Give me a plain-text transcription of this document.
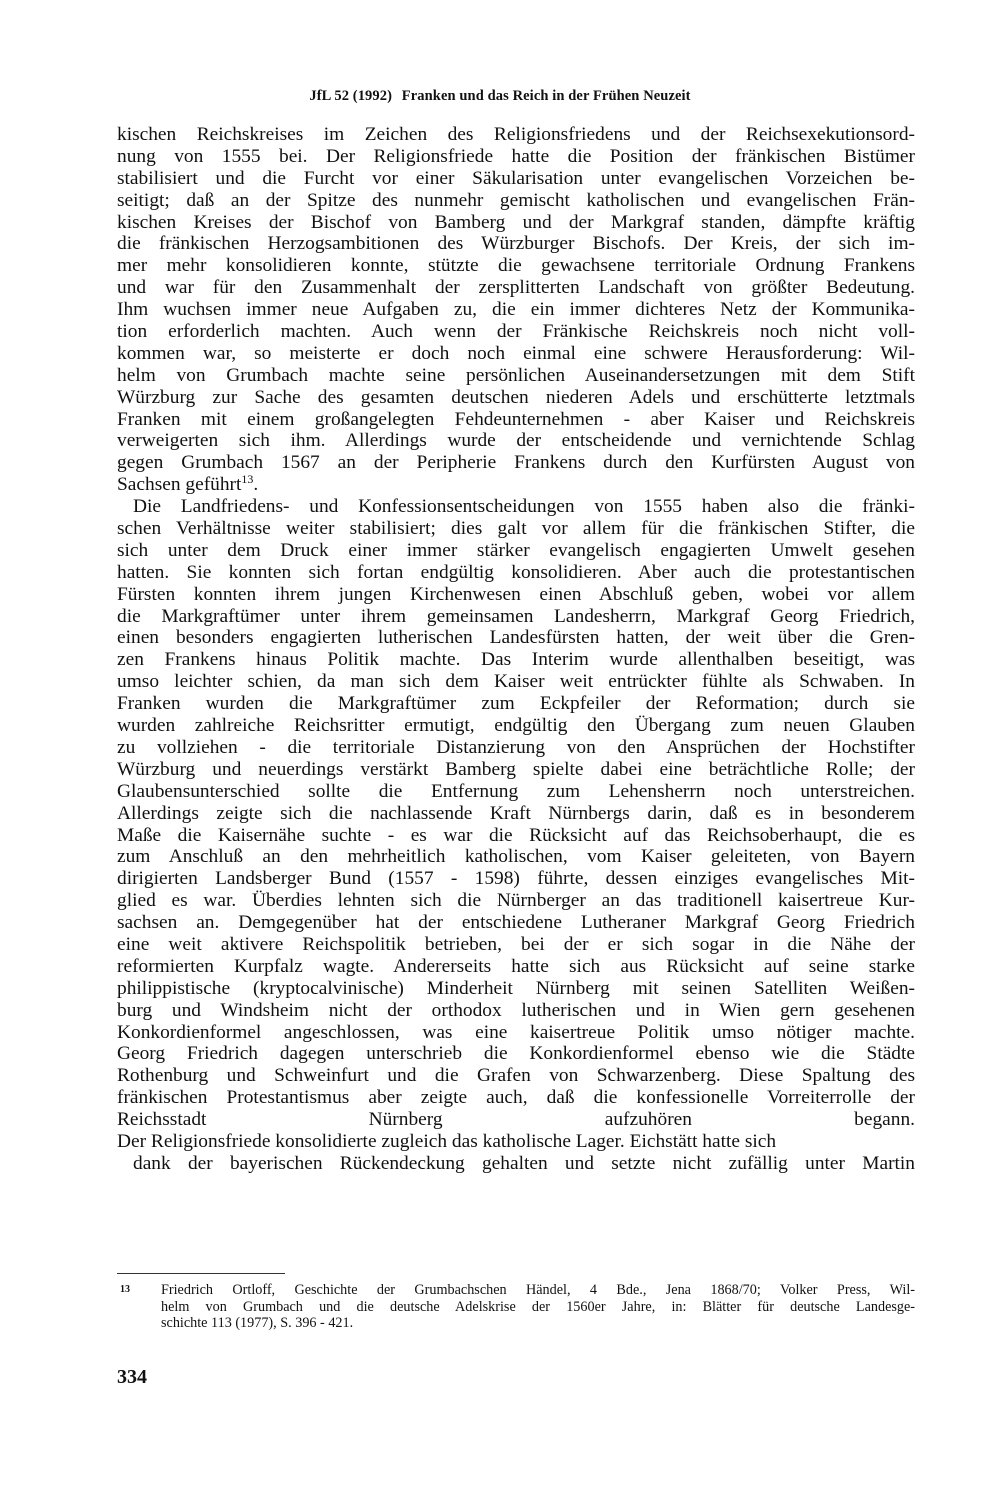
JfL 52 (1992) Franken und das Reich in der Frühen Neuzeit
kischen Reichskreises im Zeichen des Religionsfriedens und der Reichsexekutionsord-
nung von 1555 bei. Der Religionsfriede hatte die Position der fränkischen Bistümer
stabilisiert und die Furcht vor einer Säkularisation unter evangelischen Vorzeichen be-
seitigt; daß an der Spitze des nunmehr gemischt katholischen und evangelischen Frän-
kischen Kreises der Bischof von Bamberg und der Markgraf standen, dämpfte kräftig
die fränkischen Herzogsambitionen des Würzburger Bischofs. Der Kreis, der sich im-
mer mehr konsolidieren konnte, stützte die gewachsene territoriale Ordnung Frankens
und war für den Zusammenhalt der zersplitterten Landschaft von größter Bedeutung.
Ihm wuchsen immer neue Aufgaben zu, die ein immer dichteres Netz der Kommunika-
tion erforderlich machten. Auch wenn der Fränkische Reichskreis noch nicht voll-
kommen war, so meisterte er doch noch einmal eine schwere Herausforderung: Wil-
helm von Grumbach machte seine persönlichen Auseinandersetzungen mit dem Stift
Würzburg zur Sache des gesamten deutschen niederen Adels und erschütterte letztmals
Franken mit einem großangelegten Fehdeunternehmen - aber Kaiser und Reichskreis
verweigerten sich ihm. Allerdings wurde der entscheidende und vernichtende Schlag
gegen Grumbach 1567 an der Peripherie Frankens durch den Kurfürsten August von
Sachsen geführt$^{13}$.
Die Landfriedens- und Konfessionsentscheidungen von 1555 haben also die fränki-
schen Verhältnisse weiter stabilisiert; dies galt vor allem für die fränkischen Stifter, die
sich unter dem Druck einer immer stärker evangelisch engagierten Umwelt gesehen
hatten. Sie konnten sich fortan endgültig konsolidieren. Aber auch die protestantischen
Fürsten konnten ihrem jungen Kirchenwesen einen Abschluß geben, wobei vor allem
die Markgraftümer unter ihrem gemeinsamen Landesherrn, Markgraf Georg Friedrich,
einen besonders engagierten lutherischen Landesfürsten hatten, der weit über die Gren-
zen Frankens hinaus Politik machte. Das Interim wurde allenthalben beseitigt, was
umso leichter schien, da man sich dem Kaiser weit entrückter fühlte als Schwaben. In
Franken wurden die Markgraftümer zum Eckpfeiler der Reformation; durch sie
wurden zahlreiche Reichsritter ermutigt, endgültig den Übergang zum neuen Glauben
zu vollziehen - die territoriale Distanzierung von den Ansprüchen der Hochstifter
Würzburg und neuerdings verstärkt Bamberg spielte dabei eine beträchtliche Rolle; der
Glaubensunterschied sollte die Entfernung zum Lehensherrn noch unterstreichen.
Allerdings zeigte sich die nachlassende Kraft Nürnbergs darin, daß es in besonderem
Maße die Kaisernähe suchte - es war die Rücksicht auf das Reichsoberhaupt, die es
zum Anschluß an den mehrheitlich katholischen, vom Kaiser geleiteten, von Bayern
dirigierten Landsberger Bund (1557 - 1598) führte, dessen einziges evangelisches Mit-
glied es war. Überdies lehnten sich die Nürnberger an das traditionell kaisertreue Kur-
sachsen an. Demgegenüber hat der entschiedene Lutheraner Markgraf Georg Friedrich
eine weit aktivere Reichspolitik betrieben, bei der er sich sogar in die Nähe der
reformierten Kurpfalz wagte. Andererseits hatte sich aus Rücksicht auf seine starke
philippistische (kryptocalvinische) Minderheit Nürnberg mit seinen Satelliten Weißen-
burg und Windsheim nicht der orthodox lutherischen und in Wien gern gesehenen
Konkordienformel angeschlossen, was eine kaisertreue Politik umso nötiger machte.
Georg Friedrich dagegen unterschrieb die Konkordienformel ebenso wie die Städte
Rothenburg und Schweinfurt und die Grafen von Schwarzenberg. Diese Spaltung des
fränkischen Protestantismus aber zeigte auch, daß die konfessionelle Vorreiterrolle der
Reichsstadt Nürnberg aufzuhören begann.
Der Religionsfriede konsolidierte zugleich das katholische Lager. Eichstätt hatte sich
dank der bayerischen Rückendeckung gehalten und setzte nicht zufällig unter Martin
13 Friedrich Ortloff, Geschichte der Grumbachschen Händel, 4 Bde., Jena 1868/70; Volker Press, Wil-
helm von Grumbach und die deutsche Adelskrise der 1560er Jahre, in: Blätter für deutsche Landesge-
schichte 113 (1977), S. 396 - 421.
334
